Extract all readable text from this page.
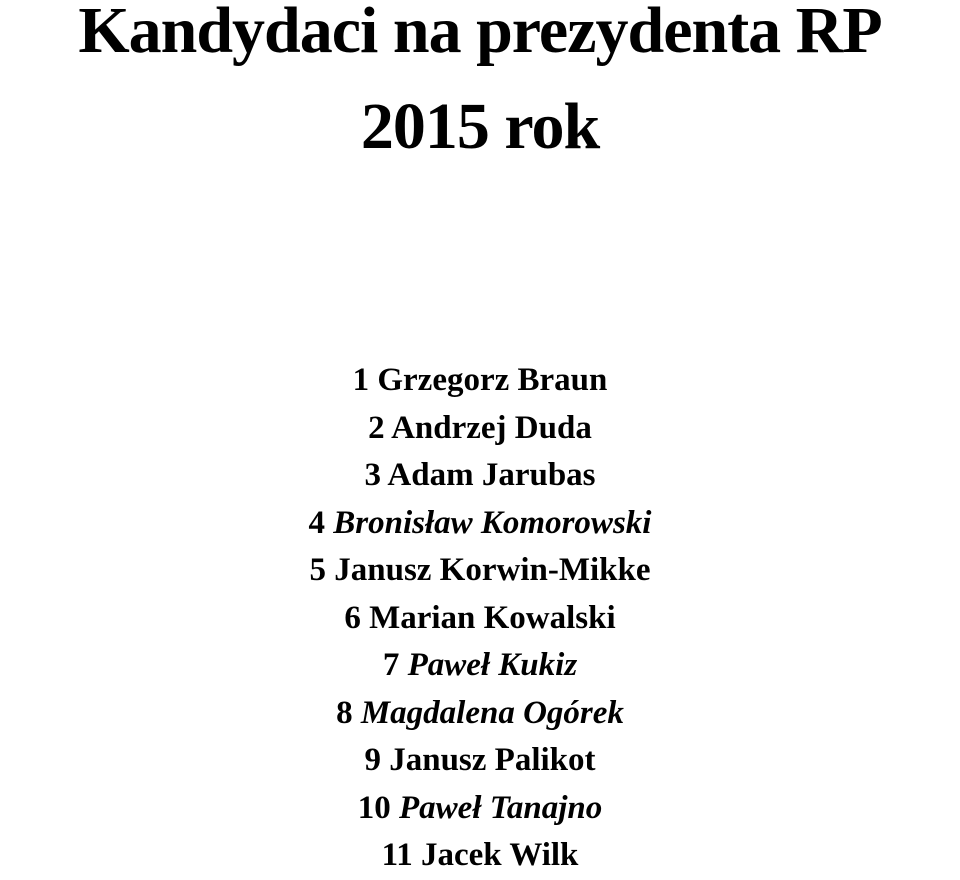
Kandydaci na prezydenta RP
2015 rok
1 Grzegorz Braun
2 Andrzej Duda
3 Adam Jarubas
4 Bronisław Komorowski
5 Janusz Korwin-Mikke
6 Marian Kowalski
7 Paweł Kukiz
8 Magdalena Ogórek
9 Janusz Palikot
10 Paweł Tanajno
11 Jacek Wilk
